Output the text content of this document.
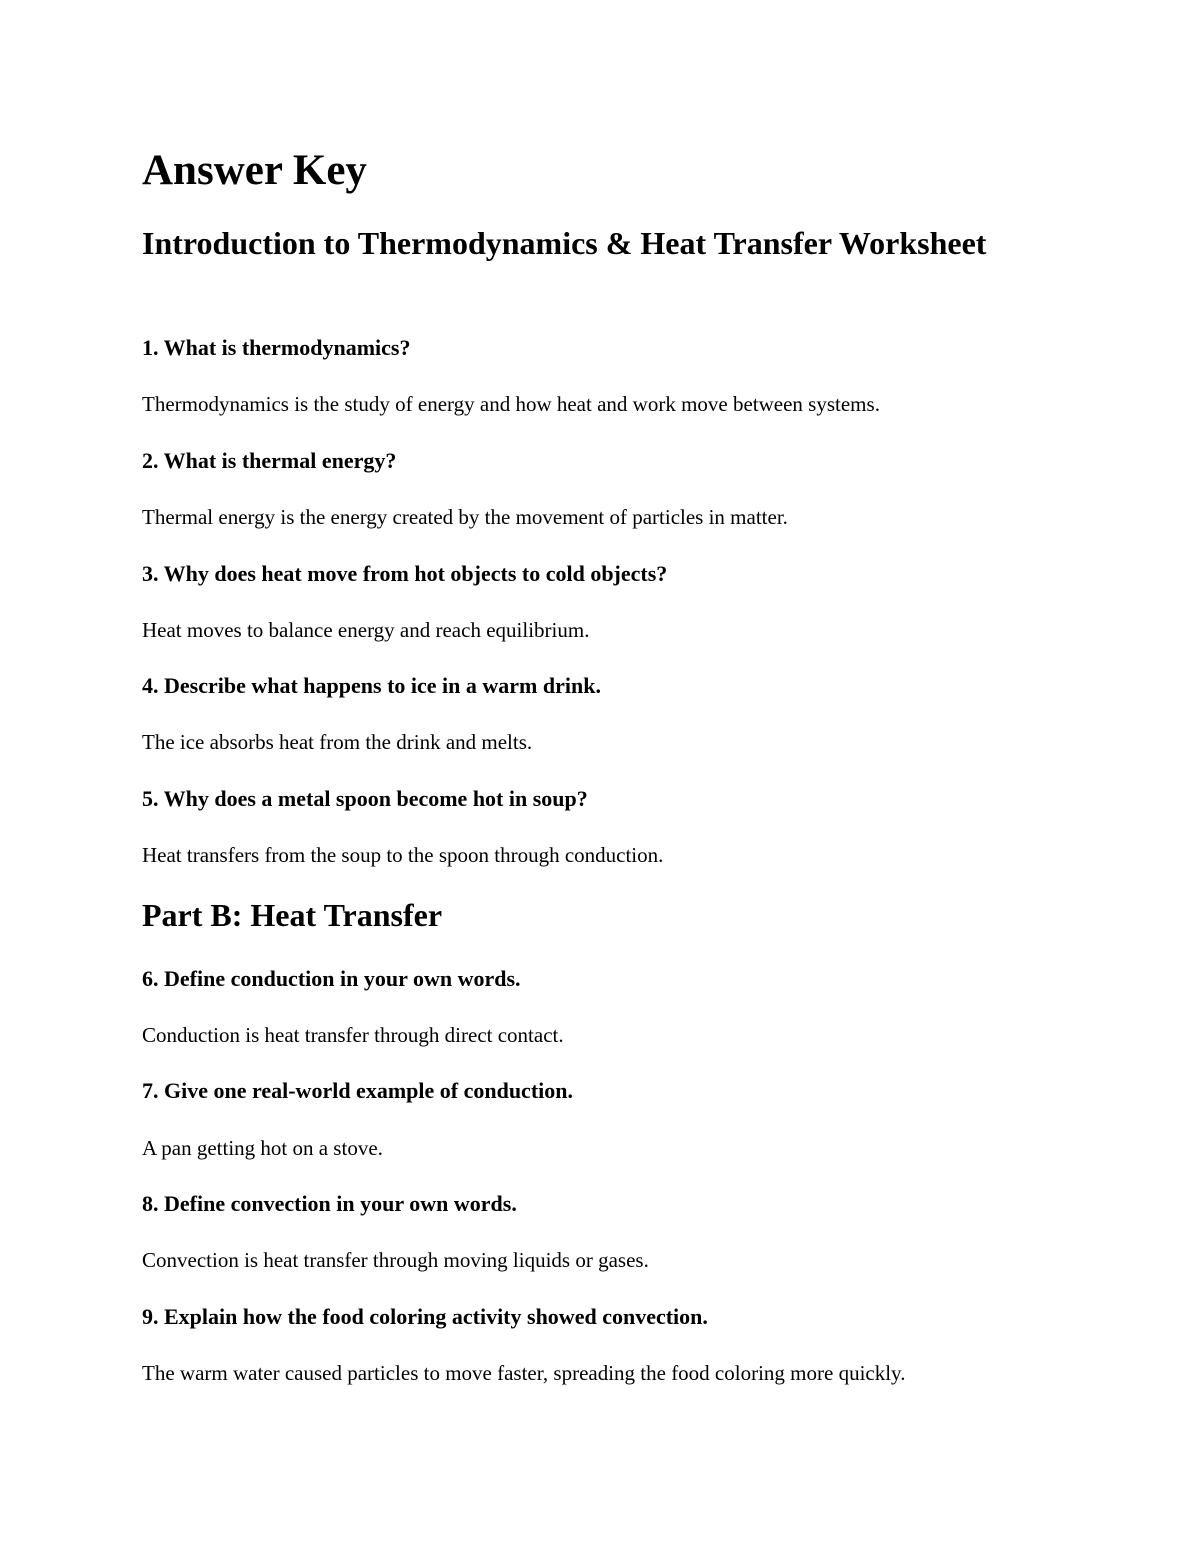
Answer Key
Introduction to Thermodynamics & Heat Transfer Worksheet

1. What is thermodynamics?

Thermodynamics is the study of energy and how heat and work move between systems.

2. What is thermal energy?

Thermal energy is the energy created by the movement of particles in matter.

3. Why does heat move from hot objects to cold objects?

Heat moves to balance energy and reach equilibrium.

4. Describe what happens to ice in a warm drink.

The ice absorbs heat from the drink and melts.

5. Why does a metal spoon become hot in soup?

Heat transfers from the soup to the spoon through conduction.

Part B: Heat Transfer

6. Define conduction in your own words.

Conduction is heat transfer through direct contact.

7. Give one real-world example of conduction.

A pan getting hot on a stove.

8. Define convection in your own words.

Convection is heat transfer through moving liquids or gases.

9. Explain how the food coloring activity showed convection.

The warm water caused particles to move faster, spreading the food coloring more quickly.
